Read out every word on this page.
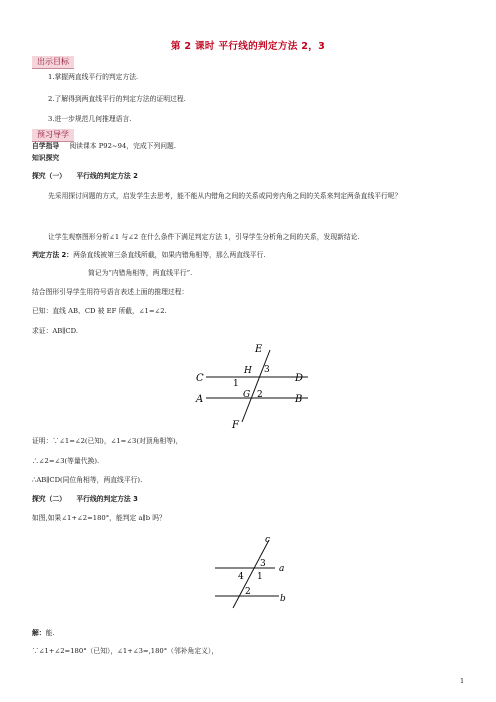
第 2 课时 平行线的判定方法 2，3
出示目标
1.掌握两直线平行的判定方法.
2.了解得到两直线平行的判定方法的证明过程.
3.进一步规范几何推理语言.
预习导学
自学指导 阅读课本 P92~94，完成下列问题.
知识探究
探究（一） 平行线的判定方法 2
先采用探讨问题的方式，启发学生去思考，能不能从内错角之间的关系或同旁内角之间的关系来判定两条直线平行呢？
让学生观察图形分析∠1 与∠2 在什么条件下满足判定方法 1，引导学生分析角之间的关系，发现新结论.
判定方法 2：两条直线被第三条直线所截，如果内错角相等，那么两直线平行.
简记为“内错角相等，两直线平行”.
结合图形引导学生用符号语言表述上面的推理过程：
已知：直线 AB、CD 被 EF 所截，∠1=∠2.
求证：AB∥CD.
E
H 3
C	D
1
G 2
A	B
F
证明：∵∠1=∠2(已知)，∠1=∠3(对顶角相等)，
∴∠2=∠3(等量代换).
∴AB∥CD(同位角相等，两直线平行).
探究（二） 平行线的判定方法 3
如图,如果∠1+∠2=180°，能判定 a∥b 吗？
c
3 a
4 1
2
b
解：能.
∵∠1+∠2=180°（已知），∠1+∠3=,180°（邻补角定义），
1
